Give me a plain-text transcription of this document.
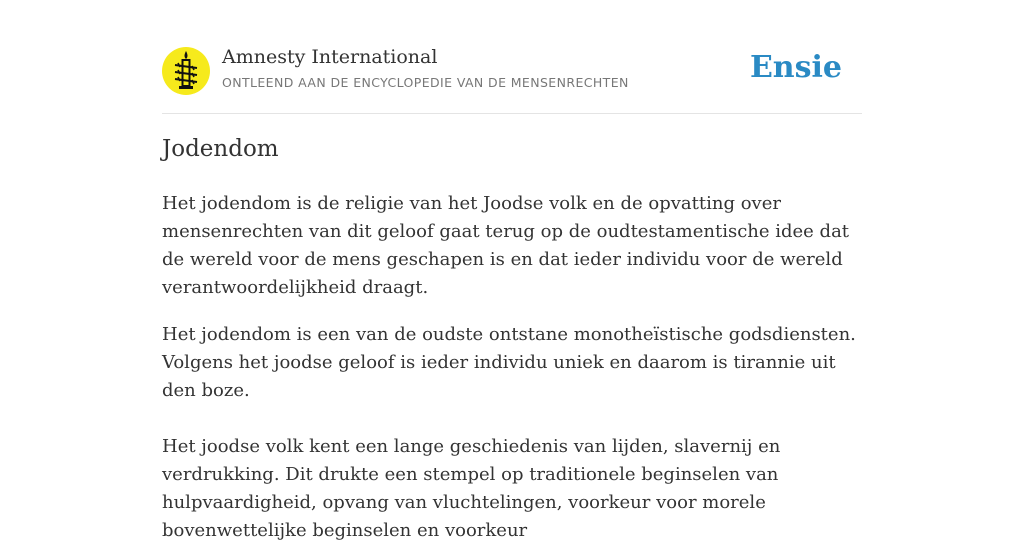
Amnesty International
ONTLEEND AAN DE ENCYCLOPEDIE VAN DE MENSENRECHTEN	Ensie
Jodendom

Het jodendom is de religie van het Joodse volk en de opvatting over mensenrechten van dit geloof gaat terug op de oudtestamentische idee dat de wereld voor de mens geschapen is en dat ieder individu voor de wereld verantwoordelijkheid draagt.

Het jodendom is een van de oudste ontstane monotheïstische godsdiensten. Volgens het joodse geloof is ieder individu uniek en daarom is tirannie uit den boze.

Het joodse volk kent een lange geschiedenis van lijden, slavernij en verdrukking. Dit drukte een stempel op traditionele beginselen van hulpvaardigheid, opvang van vluchtelingen, voorkeur voor morele bovenwettelijke beginselen en voorkeur
